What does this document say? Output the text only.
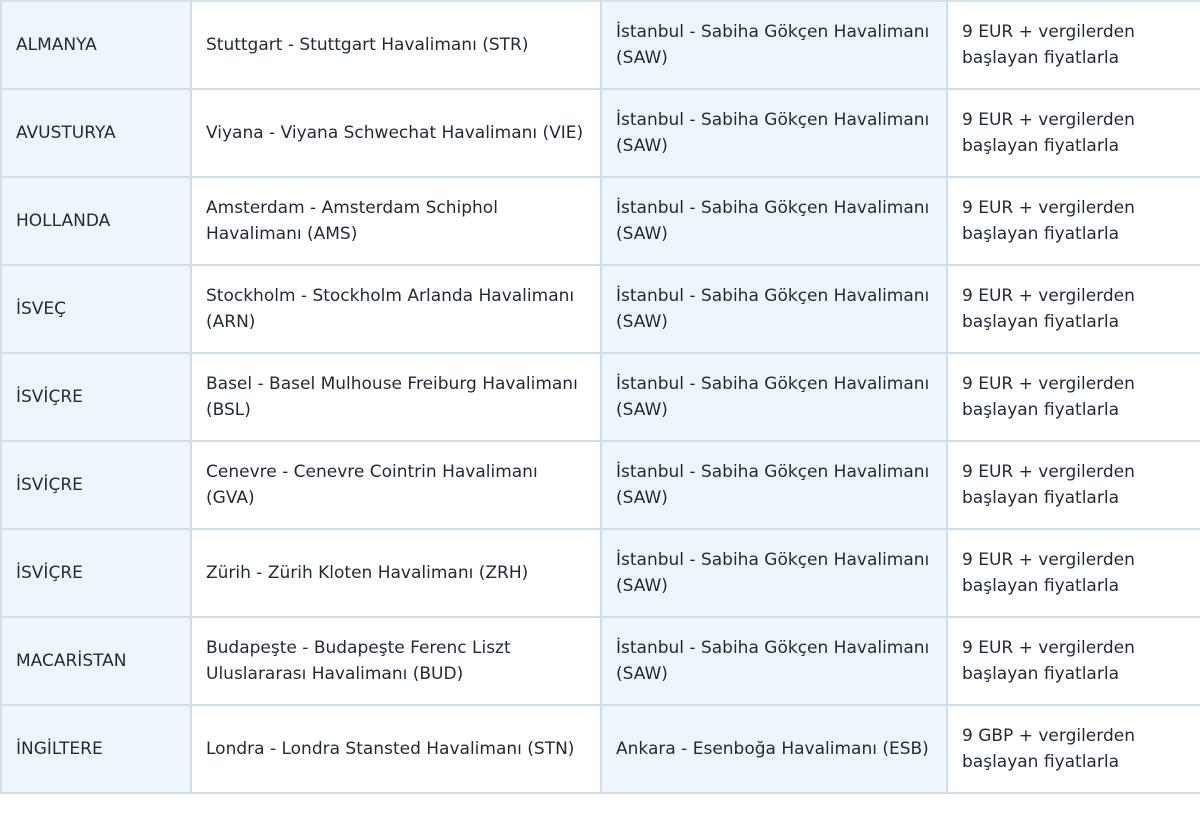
ALMANYA	Stuttgart - Stuttgart Havalimanı (STR)	İstanbul - Sabiha Gökçen Havalimanı (SAW)	9 EUR + vergilerden başlayan fiyatlarla

AVUSTURYA	Viyana - Viyana Schwechat Havalimanı (VIE)	İstanbul - Sabiha Gökçen Havalimanı (SAW)	9 EUR + vergilerden başlayan fiyatlarla

HOLLANDA	Amsterdam - Amsterdam Schiphol Havalimanı (AMS)	İstanbul - Sabiha Gökçen Havalimanı (SAW)	9 EUR + vergilerden başlayan fiyatlarla

İSVEÇ	Stockholm - Stockholm Arlanda Havalimanı (ARN)	İstanbul - Sabiha Gökçen Havalimanı (SAW)	9 EUR + vergilerden başlayan fiyatlarla

İSVİÇRE	Basel - Basel Mulhouse Freiburg Havalimanı (BSL)	İstanbul - Sabiha Gökçen Havalimanı (SAW)	9 EUR + vergilerden başlayan fiyatlarla

İSVİÇRE	Cenevre - Cenevre Cointrin Havalimanı (GVA)	İstanbul - Sabiha Gökçen Havalimanı (SAW)	9 EUR + vergilerden başlayan fiyatlarla

İSVİÇRE	Zürih - Zürih Kloten Havalimanı (ZRH)	İstanbul - Sabiha Gökçen Havalimanı (SAW)	9 EUR + vergilerden başlayan fiyatlarla

MACARİSTAN	Budapeşte - Budapeşte Ferenc Liszt Uluslararası Havalimanı (BUD)	İstanbul - Sabiha Gökçen Havalimanı (SAW)	9 EUR + vergilerden başlayan fiyatlarla

İNGİLTERE	Londra - Londra Stansted Havalimanı (STN)	Ankara - Esenboğa Havalimanı (ESB)	9 GBP + vergilerden başlayan fiyatlarla
